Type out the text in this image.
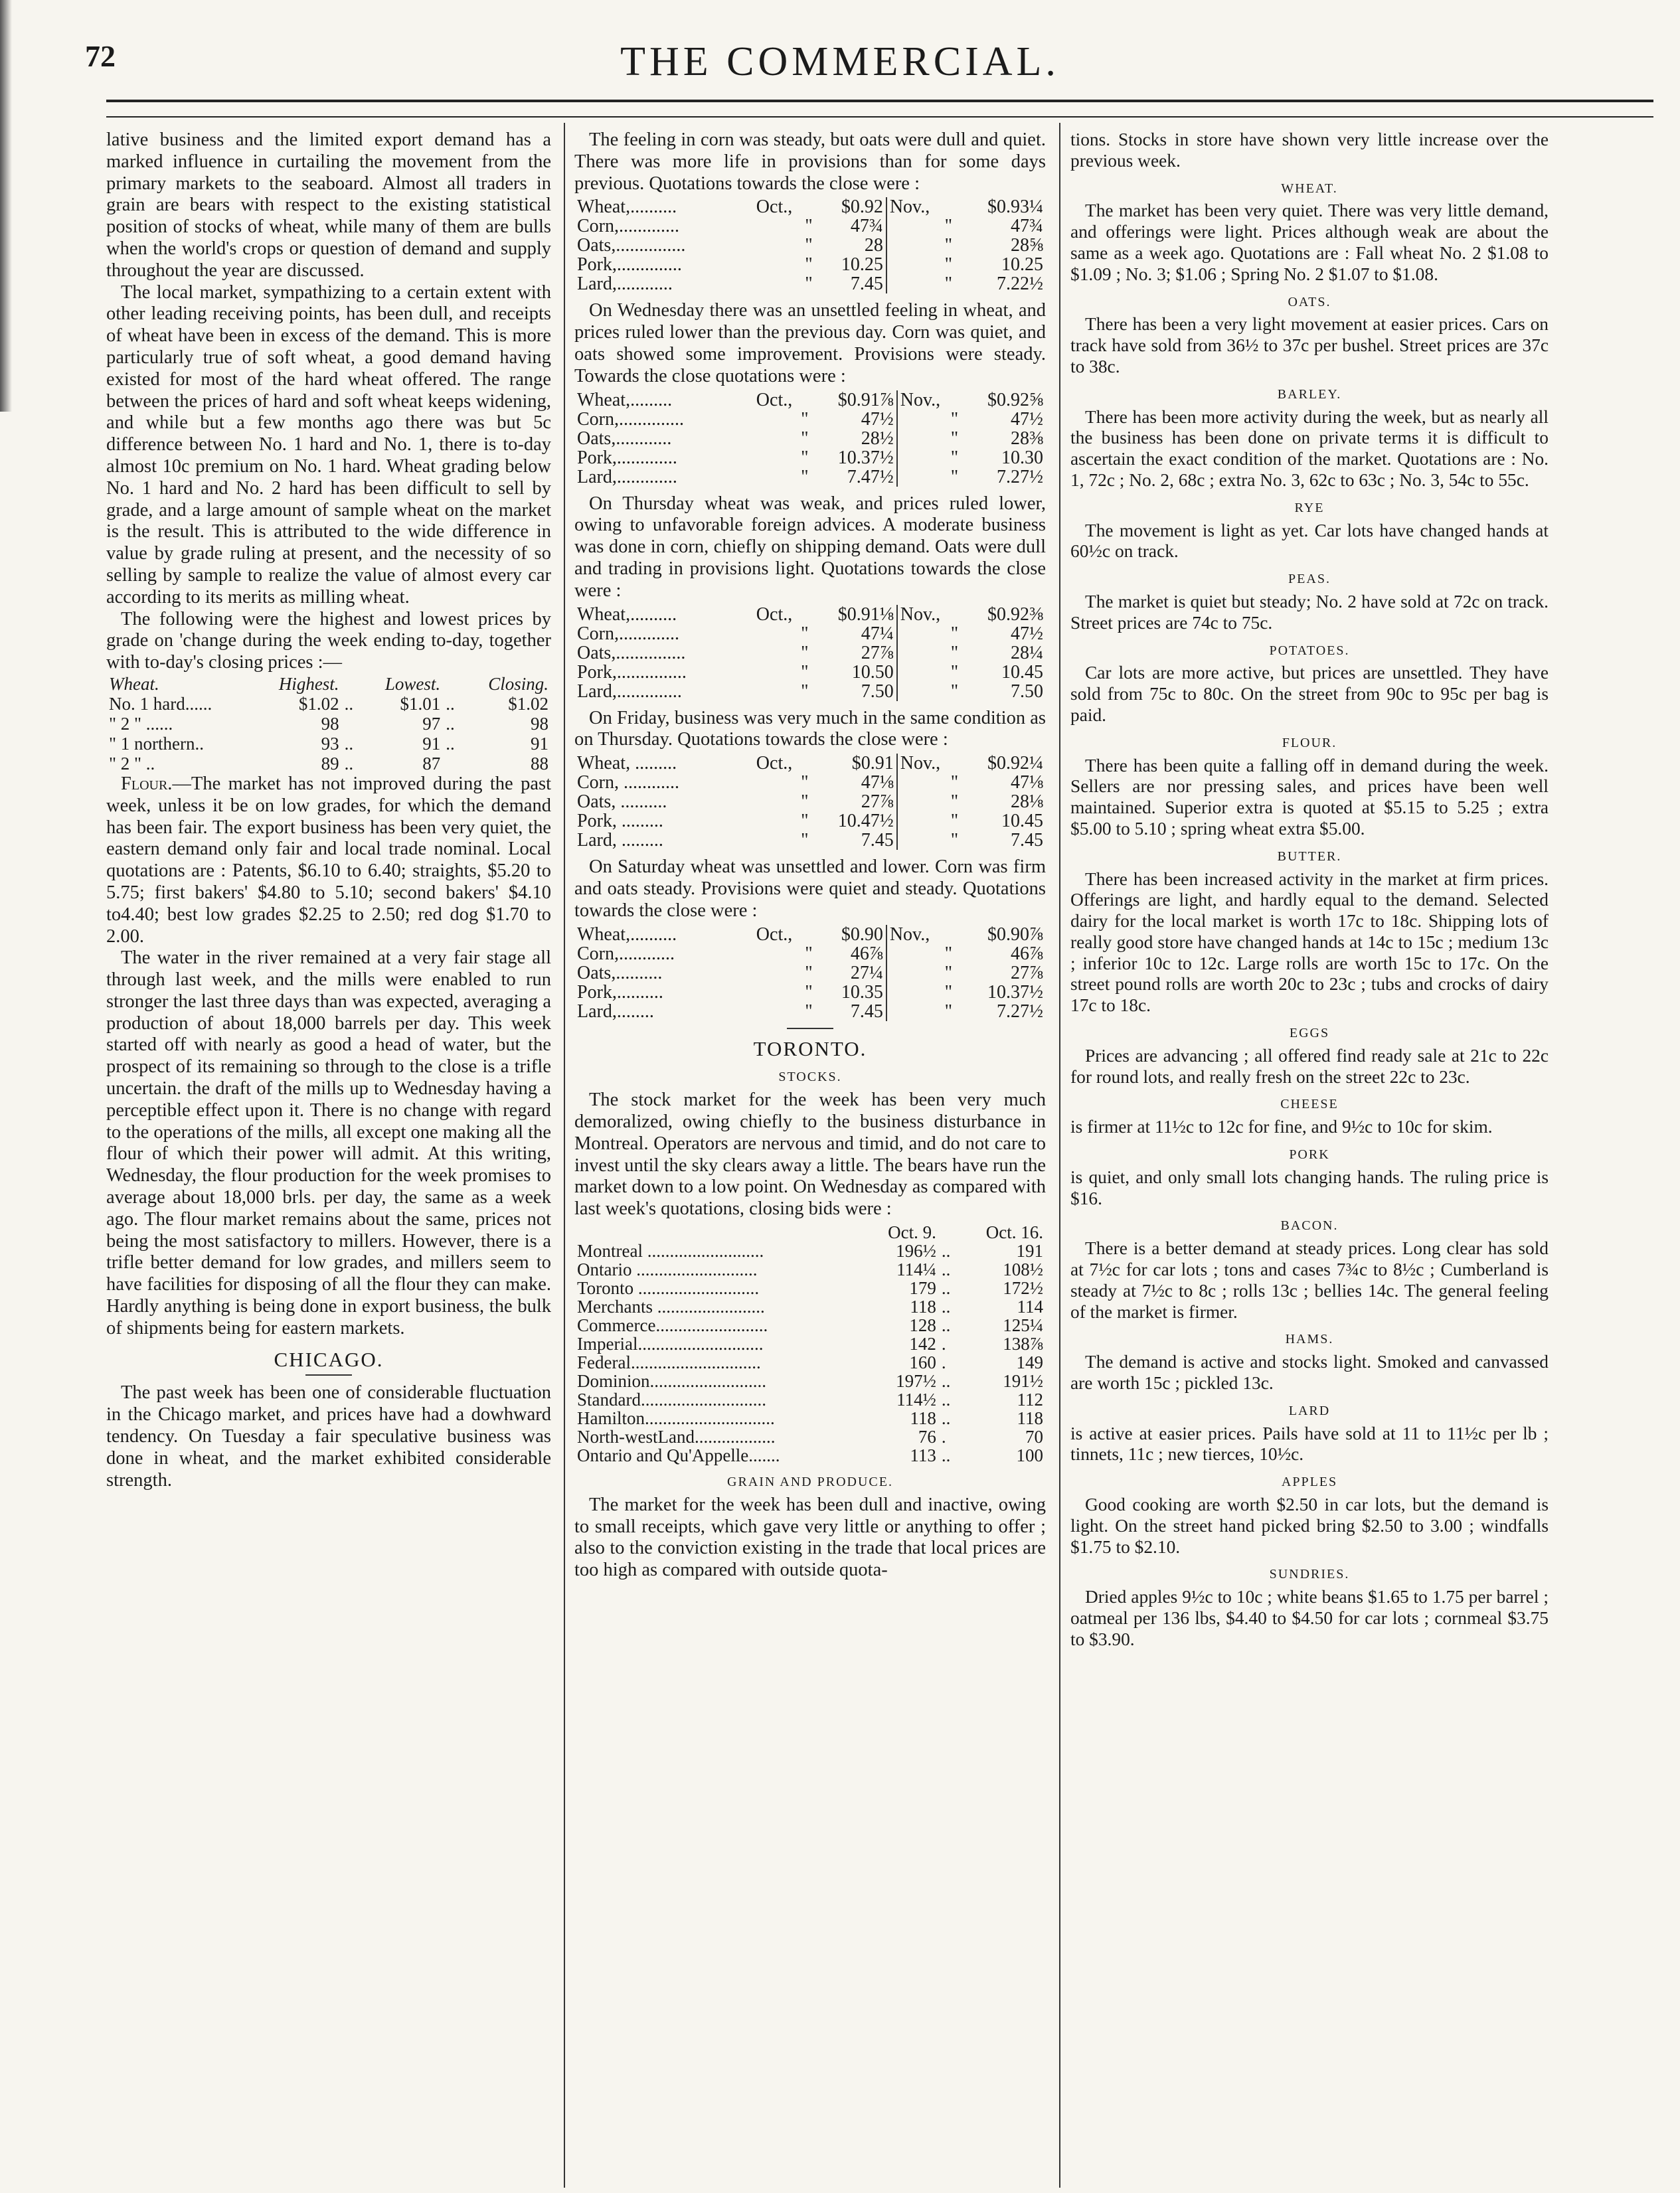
72	THE COMMERCIAL.

lative business and the limited export demand has a marked influence in curtailing the movement from the primary markets to the seaboard. Almost all traders in grain are bears with respect to the existing statistical position of stocks of wheat, while many of them are bulls when the world's crops or question of demand and supply throughout the year are discussed.

The local market, sympathizing to a certain extent with other leading receiving points, has been dull, and receipts of wheat have been in excess of the demand. This is more particularly true of soft wheat, a good demand having existed for most of the hard wheat offered. The range between the prices of hard and soft wheat keeps widening, and while but a few months ago there was but 5c difference between No. 1 hard and No. 1, there is to-day almost 10c premium on No. 1 hard. Wheat grading below No. 1 hard and No. 2 hard has been difficult to sell by grade, and a large amount of sample wheat on the market is the result. This is attributed to the wide difference in value by grade ruling at present, and the necessity of so selling by sample to realize the value of almost every car according to its merits as milling wheat.

The following were the highest and lowest prices by grade on 'change during the week ending to-day, together with to-day's closing prices :—

Wheat.	Highest.		Lowest.		Closing.
No. 1 hard......	$1.02	..	$1.01	..	$1.02
" 2 " ......	98		97	..	98
" 1 northern..	93	..	91	..	91
" 2 " ..	89	..	87		88

Flour.—The market has not improved during the past week, unless it be on low grades, for which the demand has been fair. The export business has been very quiet, the eastern demand only fair and local trade nominal. Local quotations are : Patents, $6.10 to 6.40; straights, $5.20 to 5.75; first bakers' $4.80 to 5.10; second bakers' $4.10 to4.40; best low grades $2.25 to 2.50; red dog $1.70 to 2.00.

The water in the river remained at a very fair stage all through last week, and the mills were enabled to run stronger the last three days than was expected, averaging a production of about 18,000 barrels per day. This week started off with nearly as good a head of water, but the prospect of its remaining so through to the close is a trifle uncertain. the draft of the mills up to Wednesday having a perceptible effect upon it. There is no change with regard to the operations of the mills, all except one making all the flour of which their power will admit. At this writing, Wednesday, the flour production for the week promises to average about 18,000 brls. per day, the same as a week ago. The flour market remains about the same, prices not being the most satisfactory to millers. However, there is a trifle better demand for low grades, and millers seem to have facilities for disposing of all the flour they can make. Hardly anything is being done in export business, the bulk of shipments being for eastern markets.

CHICAGO.

The past week has been one of considerable fluctuation in the Chicago market, and prices have had a dowhward tendency. On Tuesday a fair speculative business was done in wheat, and the market exhibited considerable strength.

The feeling in corn was steady, but oats were dull and quiet. There was more life in provisions than for some days previous. Quotations towards the close were :

Wheat,..........	Oct.,	$0.92	Nov.,	$0.93¼
Corn,.............	"	47¾	"	47¾
Oats,...............	"	28	"	28⅝
Pork,..............	"	10.25	"	10.25
Lard,............	"	7.45	"	7.22½

On Wednesday there was an unsettled feeling in wheat, and prices ruled lower than the previous day. Corn was quiet, and oats showed some improvement. Provisions were steady. Towards the close quotations were :

Wheat,.........	Oct.,	$0.91⅞	Nov.,	$0.92⅝
Corn,..............	"	47½	"	47½
Oats,............	"	28½	"	28⅜
Pork,.............	"	10.37½	"	10.30
Lard,.............	"	7.47½	"	7.27½

On Thursday wheat was weak, and prices ruled lower, owing to unfavorable foreign advices. A moderate business was done in corn, chiefly on shipping demand. Oats were dull and trading in provisions light. Quotations towards the close were :

Wheat,..........	Oct.,	$0.91⅛	Nov.,	$0.92⅜
Corn,.............	"	47¼	"	47½
Oats,...............	"	27⅞	"	28¼
Pork,...............	"	10.50	"	10.45
Lard,..............	"	7.50	"	7.50

On Friday, business was very much in the same condition as on Thursday. Quotations towards the close were :

Wheat, .........	Oct.,	$0.91	Nov.,	$0.92¼
Corn, ............	"	47⅛	"	47⅛
Oats, ..........	"	27⅞	"	28⅛
Pork, .........	"	10.47½	"	10.45
Lard, .........	"	7.45	"	7.45

On Saturday wheat was unsettled and lower. Corn was firm and oats steady. Provisions were quiet and steady. Quotations towards the close were :

Wheat,..........	Oct.,	$0.90	Nov.,	$0.90⅞
Corn,............	"	46⅞	"	46⅞
Oats,..........	"	27¼	"	27⅞
Pork,..........	"	10.35	"	10.37½
Lard,........	"	7.45	"	7.27½
TORONTO.
STOCKS.

The stock market for the week has been very much demoralized, owing chiefly to the business disturbance in Montreal. Operators are nervous and timid, and do not care to invest until the sky clears away a little. The bears have run the market down to a low point. On Wednesday as compared with last week's quotations, closing bids were :

	Oct. 9.		Oct. 16.
Montreal ..........................	196½	..	191
Ontario ...........................	114¼	..	108½
Toronto ...........................	179	..	172½
Merchants ........................	118	..	114
Commerce.........................	128	..	125¼
Imperial............................	142	.	138⅞
Federal.............................	160	.	149
Dominion..........................	197½	..	191½
Standard............................	114½	..	112
Hamilton.............................	118	..	118
North-westLand..................	76	.	70
Ontario and Qu'Appelle.......	113	..	100
GRAIN AND PRODUCE.

The market for the week has been dull and inactive, owing to small receipts, which gave very little or anything to offer ; also to the conviction existing in the trade that local prices are too high as compared with outside quota-

tions. Stocks in store have shown very little increase over the previous week.

WHEAT.

The market has been very quiet. There was very little demand, and offerings were light. Prices although weak are about the same as a week ago. Quotations are : Fall wheat No. 2 $1.08 to $1.09 ; No. 3; $1.06 ; Spring No. 2 $1.07 to $1.08.

OATS.

There has been a very light movement at easier prices. Cars on track have sold from 36½ to 37c per bushel. Street prices are 37c to 38c.

BARLEY.

There has been more activity during the week, but as nearly all the business has been done on private terms it is difficult to ascertain the exact condition of the market. Quotations are : No. 1, 72c ; No. 2, 68c ; extra No. 3, 62c to 63c ; No. 3, 54c to 55c.

RYE

The movement is light as yet. Car lots have changed hands at 60½c on track.

PEAS.

The market is quiet but steady; No. 2 have sold at 72c on track. Street prices are 74c to 75c.

POTATOES.

Car lots are more active, but prices are unsettled. They have sold from 75c to 80c. On the street from 90c to 95c per bag is paid.

FLOUR.

There has been quite a falling off in demand during the week. Sellers are nor pressing sales, and prices have been well maintained. Superior extra is quoted at $5.15 to 5.25 ; extra $5.00 to 5.10 ; spring wheat extra $5.00.

BUTTER.

There has been increased activity in the market at firm prices. Offerings are light, and hardly equal to the demand. Selected dairy for the local market is worth 17c to 18c. Shipping lots of really good store have changed hands at 14c to 15c ; medium 13c ; inferior 10c to 12c. Large rolls are worth 15c to 17c. On the street pound rolls are worth 20c to 23c ; tubs and crocks of dairy 17c to 18c.

EGGS

Prices are advancing ; all offered find ready sale at 21c to 22c for round lots, and really fresh on the street 22c to 23c.

CHEESE

is firmer at 11½c to 12c for fine, and 9½c to 10c for skim.

PORK

is quiet, and only small lots changing hands. The ruling price is $16.

BACON.

There is a better demand at steady prices. Long clear has sold at 7½c for car lots ; tons and cases 7¾c to 8½c ; Cumberland is steady at 7½c to 8c ; rolls 13c ; bellies 14c. The general feeling of the market is firmer.

HAMS.

The demand is active and stocks light. Smoked and canvassed are worth 15c ; pickled 13c.

LARD

is active at easier prices. Pails have sold at 11 to 11½c per lb ; tinnets, 11c ; new tierces, 10½c.

APPLES

Good cooking are worth $2.50 in car lots, but the demand is light. On the street hand picked bring $2.50 to 3.00 ; windfalls $1.75 to $2.10.

SUNDRIES.

Dried apples 9½c to 10c ; white beans $1.65 to 1.75 per barrel ; oatmeal per 136 lbs, $4.40 to $4.50 for car lots ; cornmeal $3.75 to $3.90.
